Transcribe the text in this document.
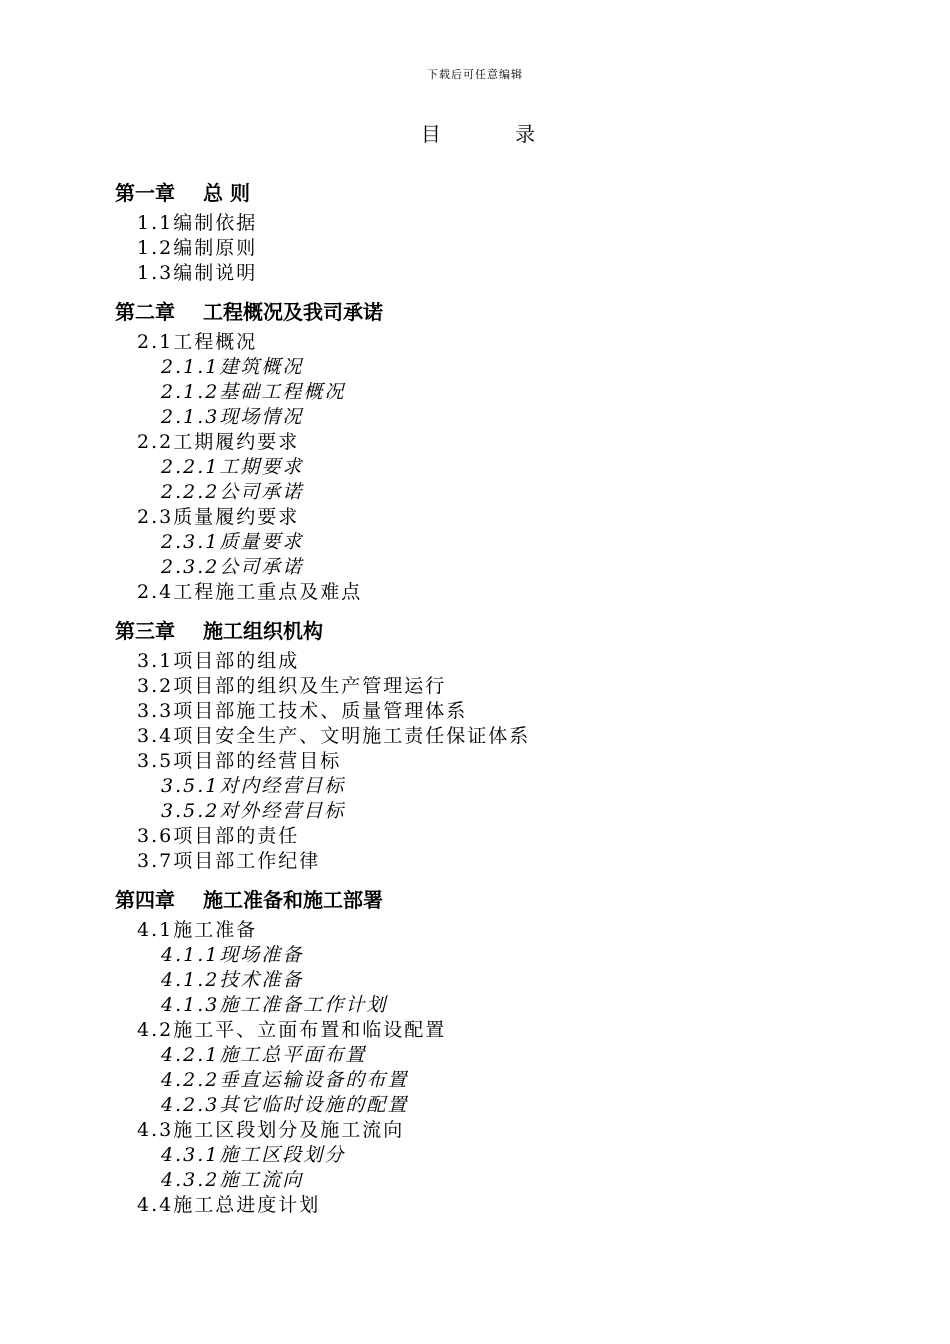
下载后可任意编辑
目 录
第一章 总 则
1.1编制依据
1.2编制原则
1.3编制说明
第二章 工程概况及我司承诺
2.1工程概况
2.1.1建筑概况
2.1.2基础工程概况
2.1.3现场情况
2.2工期履约要求
2.2.1工期要求
2.2.2公司承诺
2.3质量履约要求
2.3.1质量要求
2.3.2公司承诺
2.4工程施工重点及难点
第三章 施工组织机构
3.1项目部的组成
3.2项目部的组织及生产管理运行
3.3项目部施工技术、质量管理体系
3.4项目安全生产、文明施工责任保证体系
3.5项目部的经营目标
3.5.1对内经营目标
3.5.2对外经营目标
3.6项目部的责任
3.7项目部工作纪律
第四章 施工准备和施工部署
4.1施工准备
4.1.1现场准备
4.1.2技术准备
4.1.3施工准备工作计划
4.2施工平、立面布置和临设配置
4.2.1施工总平面布置
4.2.2垂直运输设备的布置
4.2.3其它临时设施的配置
4.3施工区段划分及施工流向
4.3.1施工区段划分
4.3.2施工流向
4.4施工总进度计划
